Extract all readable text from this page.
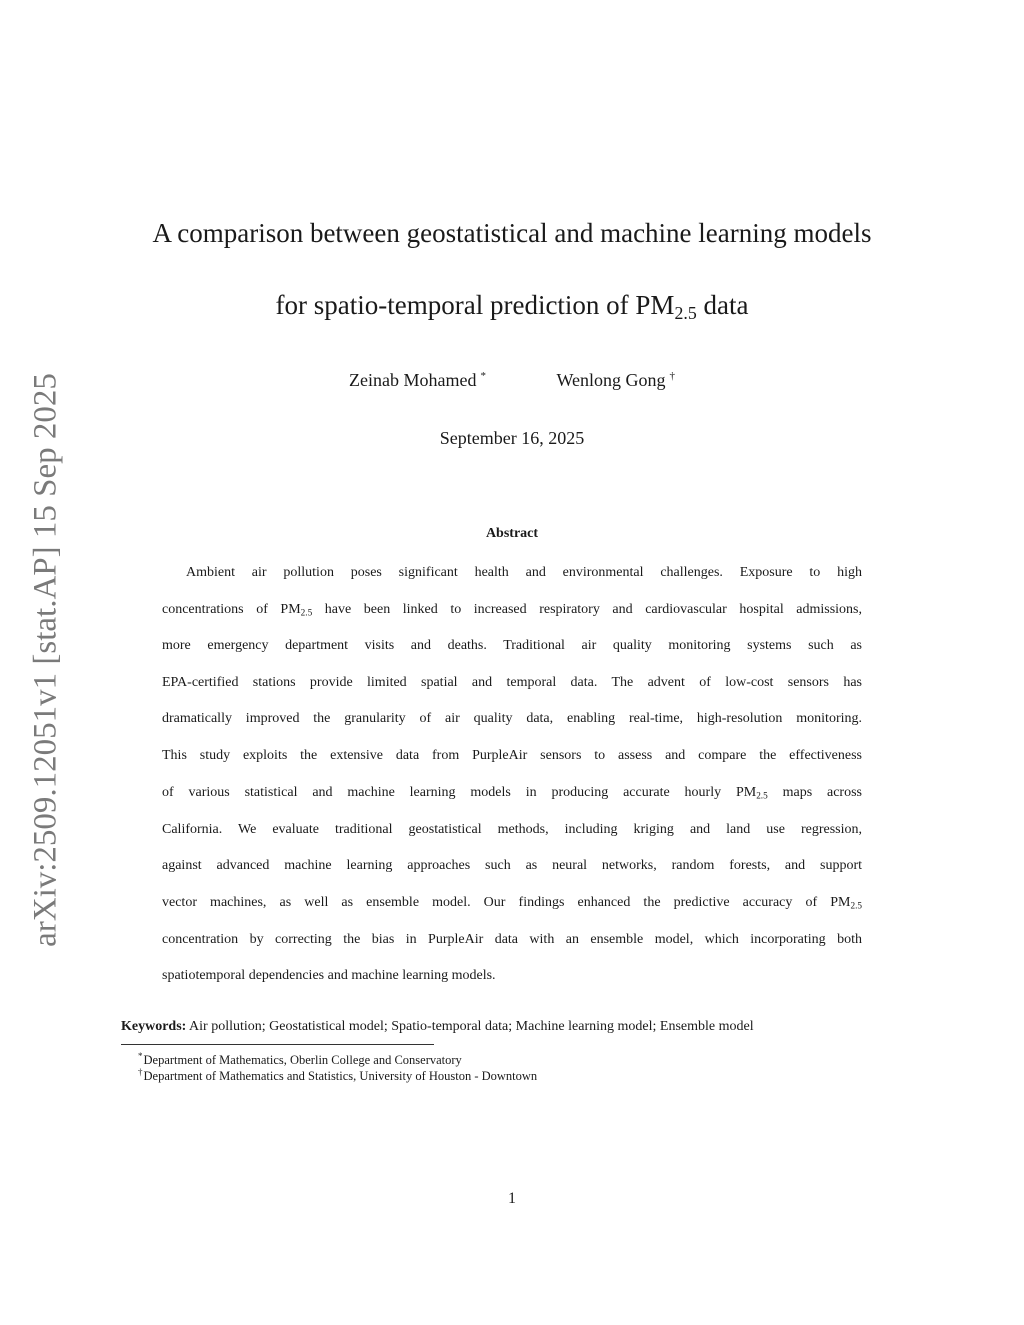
arXiv:2509.12051v1 [stat.AP] 15 Sep 2025
A comparison between geostatistical and machine learning models
for spatio-temporal prediction of $PM_{2.5}$ data
Zeinab Mohamed *	Wenlong Gong †
September 16, 2025
Abstract
Ambient air pollution poses significant health and environmental challenges. Exposure to high
concentrations of $PM_{2.5}$ have been linked to increased respiratory and cardiovascular hospital admissions,
more emergency department visits and deaths. Traditional air quality monitoring systems such as
EPA-certified stations provide limited spatial and temporal data. The advent of low-cost sensors has
dramatically improved the granularity of air quality data, enabling real-time, high-resolution monitoring.
This study exploits the extensive data from PurpleAir sensors to assess and compare the effectiveness
of various statistical and machine learning models in producing accurate hourly $PM_{2.5}$ maps across
California. We evaluate traditional geostatistical methods, including kriging and land use regression,
against advanced machine learning approaches such as neural networks, random forests, and support
vector machines, as well as ensemble model. Our findings enhanced the predictive accuracy of $PM_{2.5}$
concentration by correcting the bias in PurpleAir data with an ensemble model, which incorporating both
spatiotemporal dependencies and machine learning models.
Keywords: Air pollution; Geostatistical model; Spatio-temporal data; Machine learning model; Ensemble model
*Department of Mathematics, Oberlin College and Conservatory
†Department of Mathematics and Statistics, University of Houston - Downtown
1
